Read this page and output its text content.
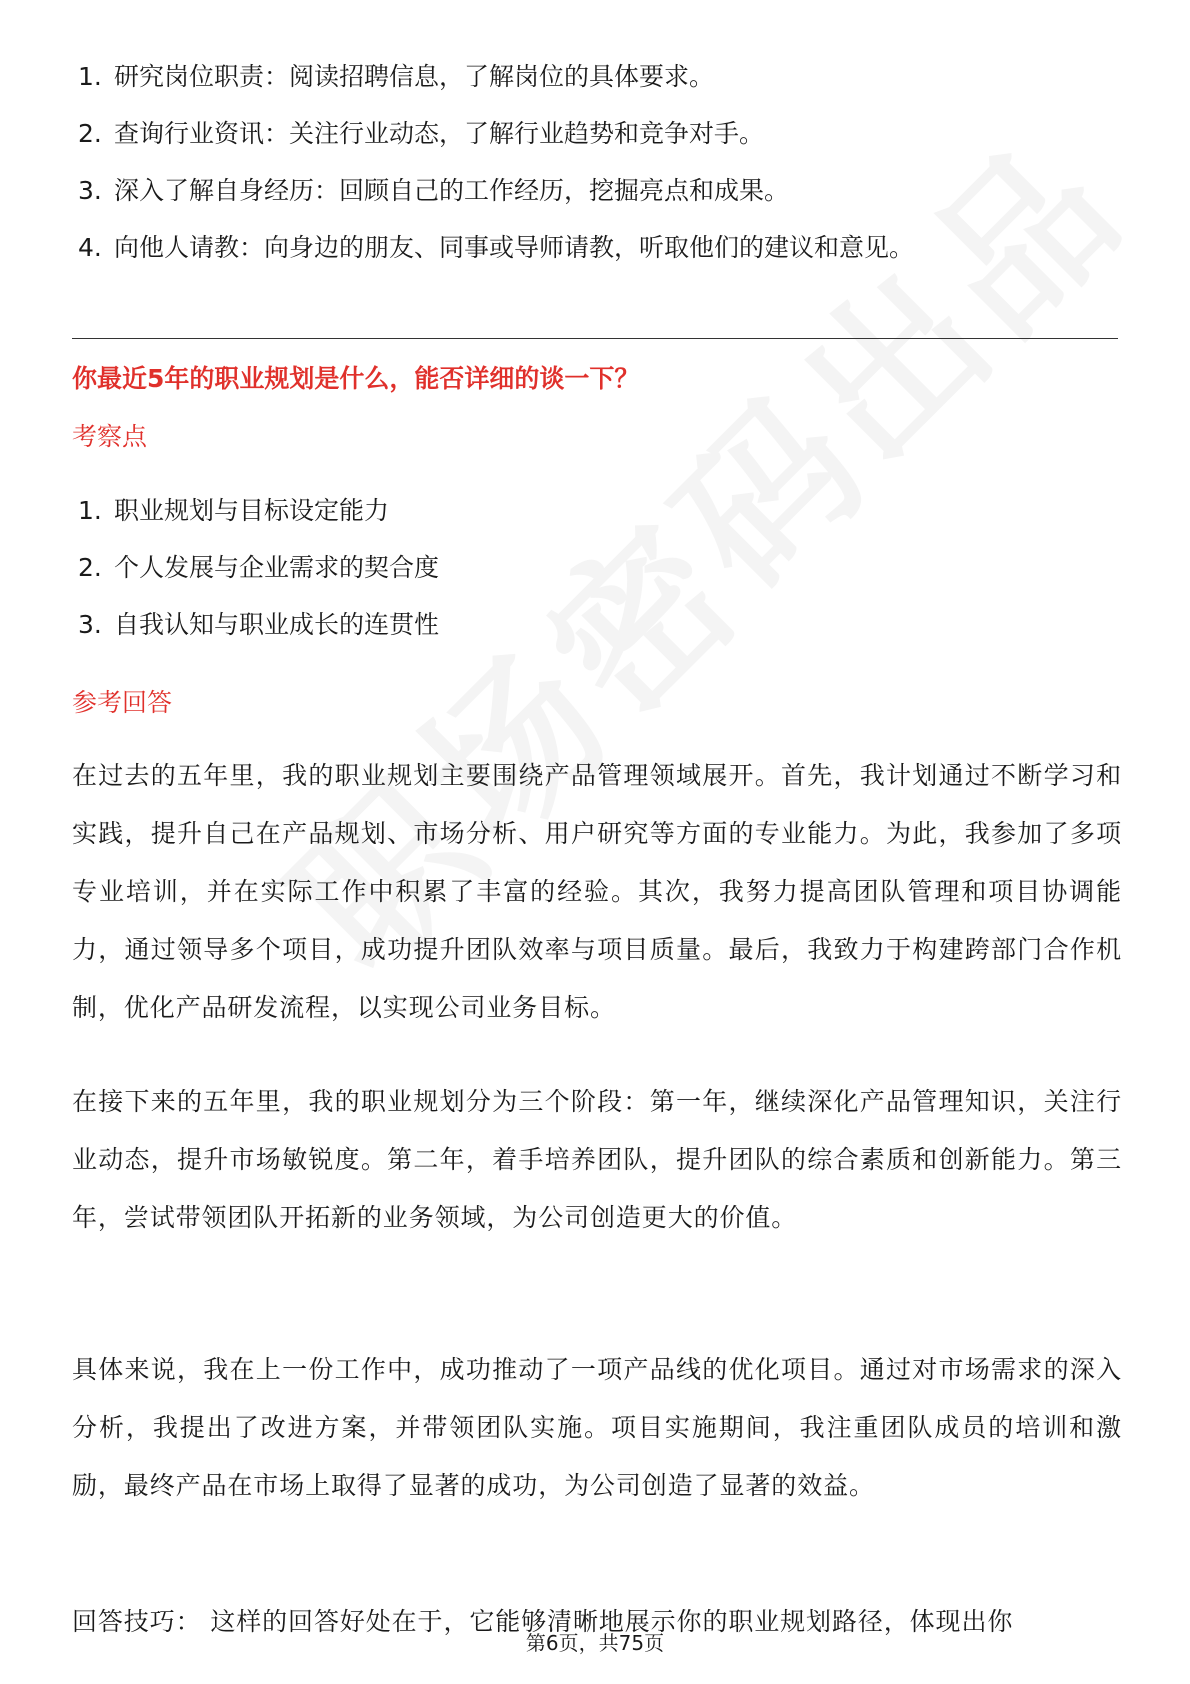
1. 研究岗位职责：阅读招聘信息，了解岗位的具体要求。
2. 查询行业资讯：关注行业动态，了解行业趋势和竞争对手。
3. 深入了解自身经历：回顾自己的工作经历，挖掘亮点和成果。
4. 向他人请教：向身边的朋友、同事或导师请教，听取他们的建议和意见。
你最近5年的职业规划是什么，能否详细的谈一下？
考察点
1. 职业规划与目标设定能力
2. 个人发展与企业需求的契合度
3. 自我认知与职业成长的连贯性
参考回答

在过去的五年里，我的职业规划主要围绕产品管理领域展开。首先，我计划通过不断学习和实践，提升自己在产品规划、市场分析、用户研究等方面的专业能力。为此，我参加了多项专业培训，并在实际工作中积累了丰富的经验。其次，我努力提高团队管理和项目协调能力，通过领导多个项目，成功提升团队效率与项目质量。最后，我致力于构建跨部门合作机制，优化产品研发流程，以实现公司业务目标。

在接下来的五年里，我的职业规划分为三个阶段：第一年，继续深化产品管理知识，关注行业动态，提升市场敏锐度。第二年，着手培养团队，提升团队的综合素质和创新能力。第三年，尝试带领团队开拓新的业务领域，为公司创造更大的价值。

具体来说，我在上一份工作中，成功推动了一项产品线的优化项目。通过对市场需求的深入分析，我提出了改进方案，并带领团队实施。项目实施期间，我注重团队成员的培训和激励，最终产品在市场上取得了显著的成功，为公司创造了显著的效益。

回答技巧： 这样的回答好处在于，它能够清晰地展示你的职业规划路径，体现出你

第6页，共75页
